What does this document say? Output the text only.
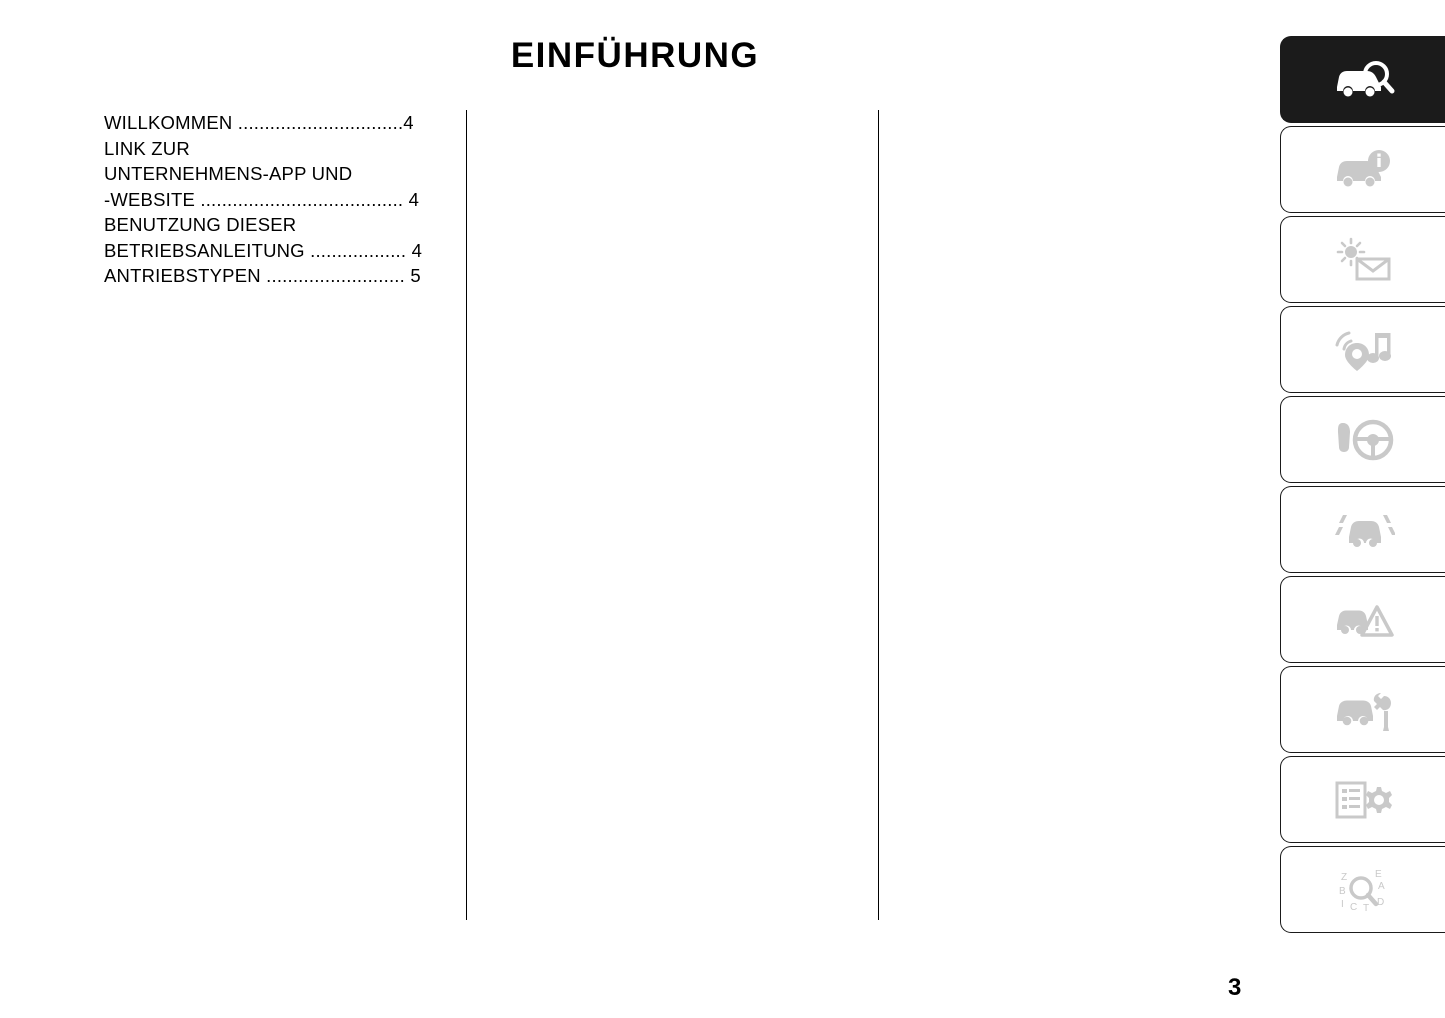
EINFÜHRUNG
WILLKOMMEN ...............................4
LINK ZUR
UNTERNEHMENS-APP UND
-WEBSITE ...................................... 4
BENUTZUNG DIESER
BETRIEBSANLEITUNG .................. 4
ANTRIEBSTYPEN .......................... 5
3
Z	E
B	A
I C T
D
